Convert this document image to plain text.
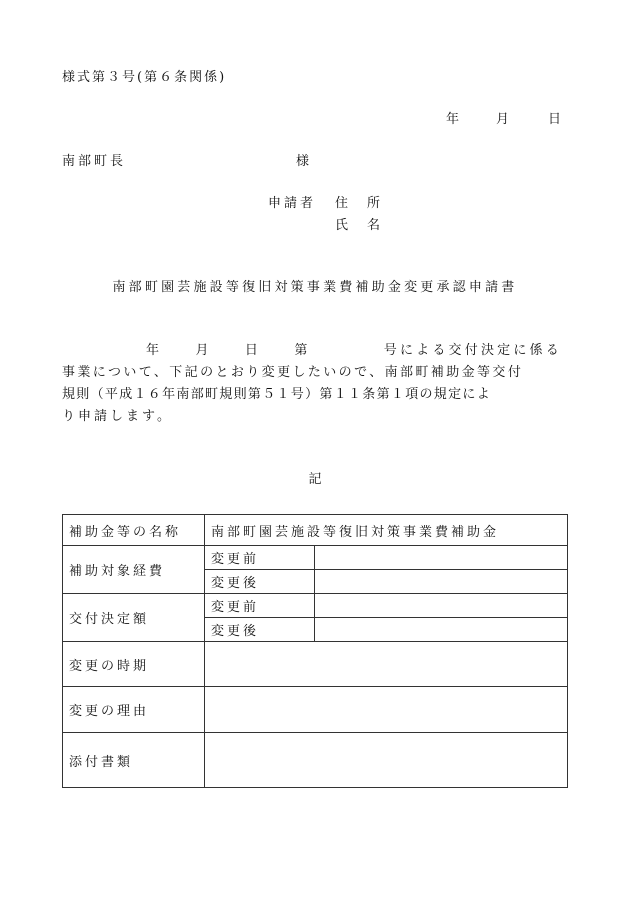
様式第３号(第６条関係)
年	月	日
南部町長	様
申請者 住　所
氏　名
南部町園芸施設等復旧対策事業費補助金変更承認申請書
年	月	日	第	号による交付決定に係る
事業について、下記のとおり変更したいので、南部町補助金等交付
規則（平成１６年南部町規則第５１号）第１１条第１項の規定によ
り申請します。
記
補助金等の名称	南部町園芸施設等復旧対策事業費補助金	
補助対象経費	変更前	
	変更後	
交付決定額	変更前	
	変更後	
変更の時期		
変更の理由		
添付書類		
